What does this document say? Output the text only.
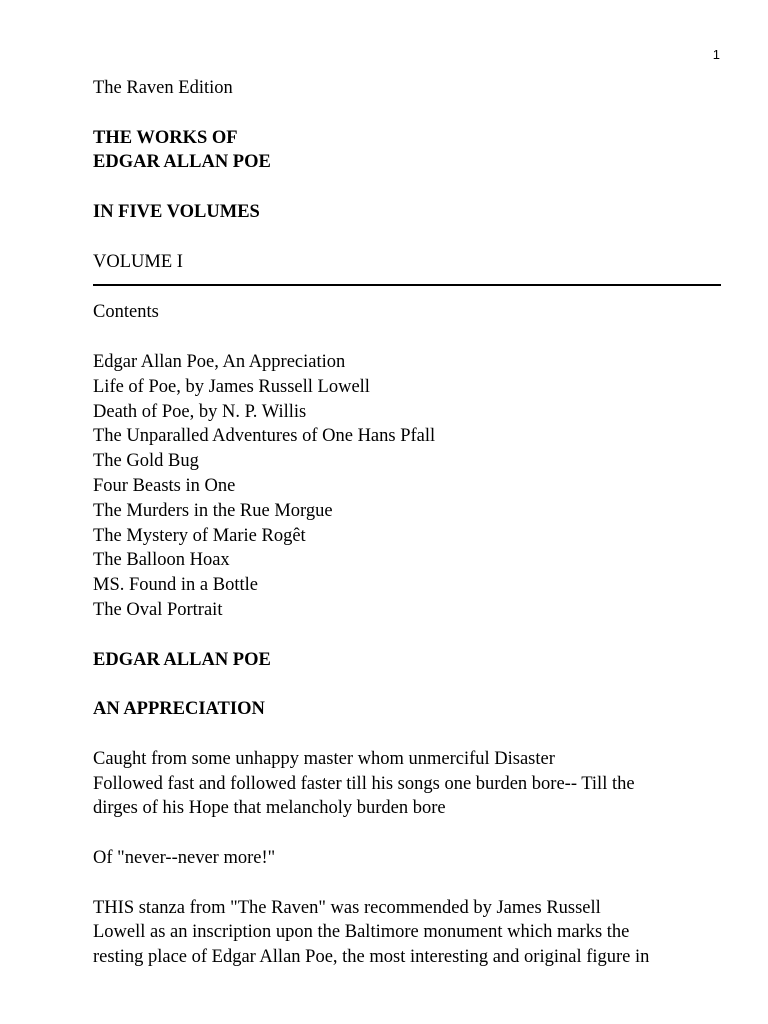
1
The Raven Edition
THE WORKS OF
EDGAR ALLAN POE
IN FIVE VOLUMES
VOLUME I
Contents
Edgar Allan Poe, An Appreciation
Life of Poe, by James Russell Lowell
Death of Poe, by N. P. Willis
The Unparalled Adventures of One Hans Pfall
The Gold Bug
Four Beasts in One
The Murders in the Rue Morgue
The Mystery of Marie Rogêt
The Balloon Hoax
MS. Found in a Bottle
The Oval Portrait
EDGAR ALLAN POE
AN APPRECIATION
Caught from some unhappy master whom unmerciful Disaster
Followed fast and followed faster till his songs one burden bore-- Till the
dirges of his Hope that melancholy burden bore
Of "never--never more!"
THIS stanza from "The Raven" was recommended by James Russell
Lowell as an inscription upon the Baltimore monument which marks the
resting place of Edgar Allan Poe, the most interesting and original figure in
